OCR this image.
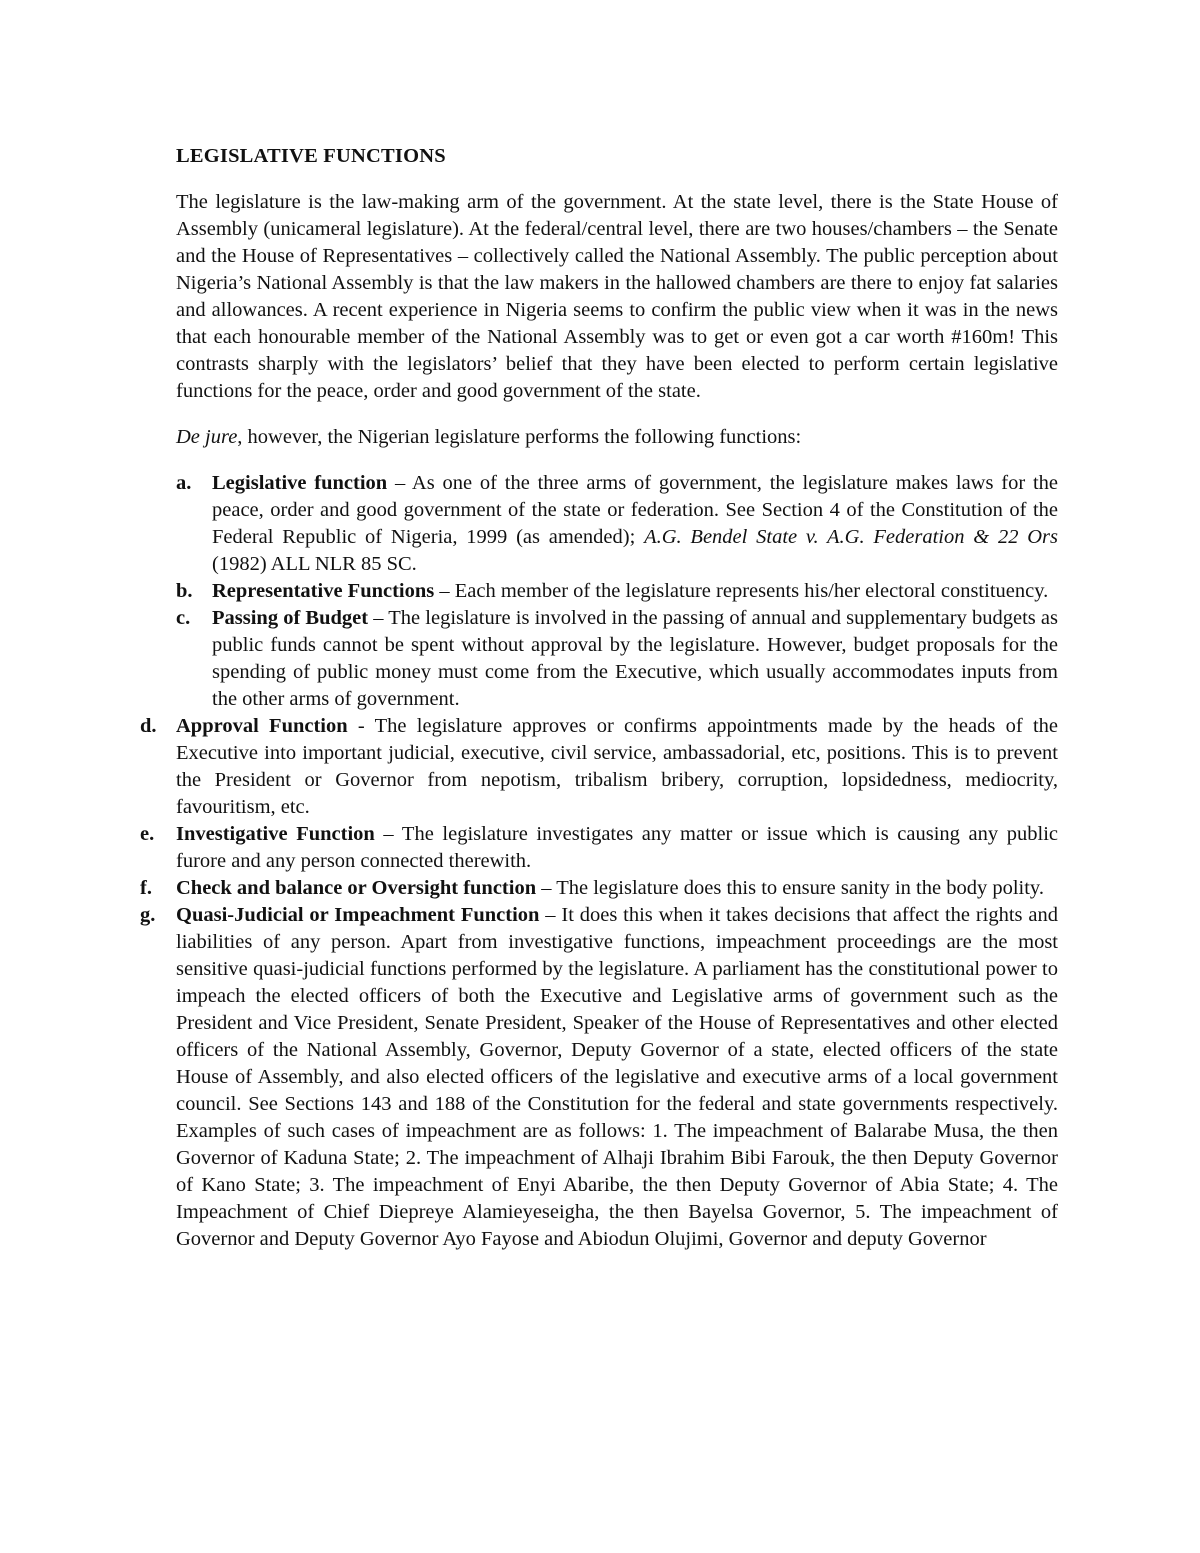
LEGISLATIVE FUNCTIONS

The legislature is the law-making arm of the government. At the state level, there is the State House of Assembly (unicameral legislature). At the federal/central level, there are two houses/chambers – the Senate and the House of Representatives – collectively called the National Assembly. The public perception about Nigeria’s National Assembly is that the law makers in the hallowed chambers are there to enjoy fat salaries and allowances. A recent experience in Nigeria seems to confirm the public view when it was in the news that each honourable member of the National Assembly was to get or even got a car worth #160m! This contrasts sharply with the legislators’ belief that they have been elected to perform certain legislative functions for the peace, order and good government of the state.

De jure, however, the Nigerian legislature performs the following functions:

a. Legislative function – As one of the three arms of government, the legislature makes laws for the peace, order and good government of the state or federation. See Section 4 of the Constitution of the Federal Republic of Nigeria, 1999 (as amended); A.G. Bendel State v. A.G. Federation & 22 Ors (1982) ALL NLR 85 SC.
b. Representative Functions – Each member of the legislature represents his/her electoral constituency.
c. Passing of Budget – The legislature is involved in the passing of annual and supplementary budgets as public funds cannot be spent without approval by the legislature. However, budget proposals for the spending of public money must come from the Executive, which usually accommodates inputs from the other arms of government.
d. Approval Function - The legislature approves or confirms appointments made by the heads of the Executive into important judicial, executive, civil service, ambassadorial, etc, positions. This is to prevent the President or Governor from nepotism, tribalism bribery, corruption, lopsidedness, mediocrity, favouritism, etc.
e. Investigative Function – The legislature investigates any matter or issue which is causing any public furore and any person connected therewith.
f. Check and balance or Oversight function – The legislature does this to ensure sanity in the body polity.
g. Quasi-Judicial or Impeachment Function – It does this when it takes decisions that affect the rights and liabilities of any person. Apart from investigative functions, impeachment proceedings are the most sensitive quasi-judicial functions performed by the legislature. A parliament has the constitutional power to impeach the elected officers of both the Executive and Legislative arms of government such as the President and Vice President, Senate President, Speaker of the House of Representatives and other elected officers of the National Assembly, Governor, Deputy Governor of a state, elected officers of the state House of Assembly, and also elected officers of the legislative and executive arms of a local government council. See Sections 143 and 188 of the Constitution for the federal and state governments respectively. Examples of such cases of impeachment are as follows: 1. The impeachment of Balarabe Musa, the then Governor of Kaduna State; 2. The impeachment of Alhaji Ibrahim Bibi Farouk, the then Deputy Governor of Kano State; 3. The impeachment of Enyi Abaribe, the then Deputy Governor of Abia State; 4. The Impeachment of Chief Diepreye Alamieyeseigha, the then Bayelsa Governor, 5. The impeachment of Governor and Deputy Governor Ayo Fayose and Abiodun Olujimi, Governor and deputy Governor
